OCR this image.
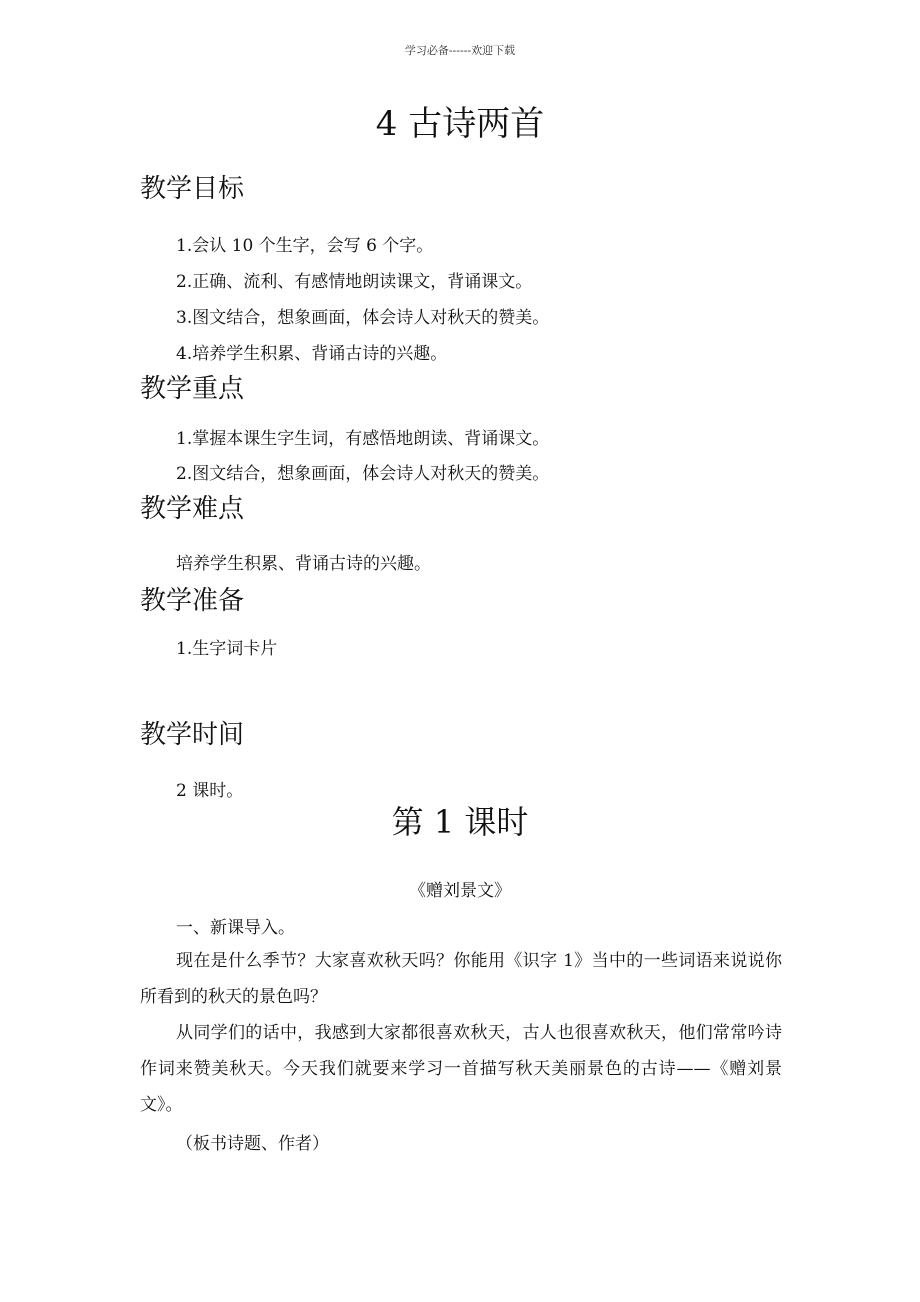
学习必备------欢迎下载
4 古诗两首
教学目标
1.会认 10 个生字，会写 6 个字。
2.正确、流利、有感情地朗读课文，背诵课文。
3.图文结合，想象画面，体会诗人对秋天的赞美。
4.培养学生积累、背诵古诗的兴趣。
教学重点
1.掌握本课生字生词，有感悟地朗读、背诵课文。
2.图文结合，想象画面，体会诗人对秋天的赞美。
教学难点
培养学生积累、背诵古诗的兴趣。
教学准备
1.生字词卡片
教学时间
2 课时。
第 1 课时
《赠刘景文》
一、新课导入。
现在是什么季节？大家喜欢秋天吗？你能用《识字 1》当中的一些词语来说说你所看到的秋天的景色吗？
从同学们的话中，我感到大家都很喜欢秋天，古人也很喜欢秋天，他们常常吟诗作词来赞美秋天。今天我们就要来学习一首描写秋天美丽景色的古诗——《赠刘景文》。
（板书诗题、作者）
